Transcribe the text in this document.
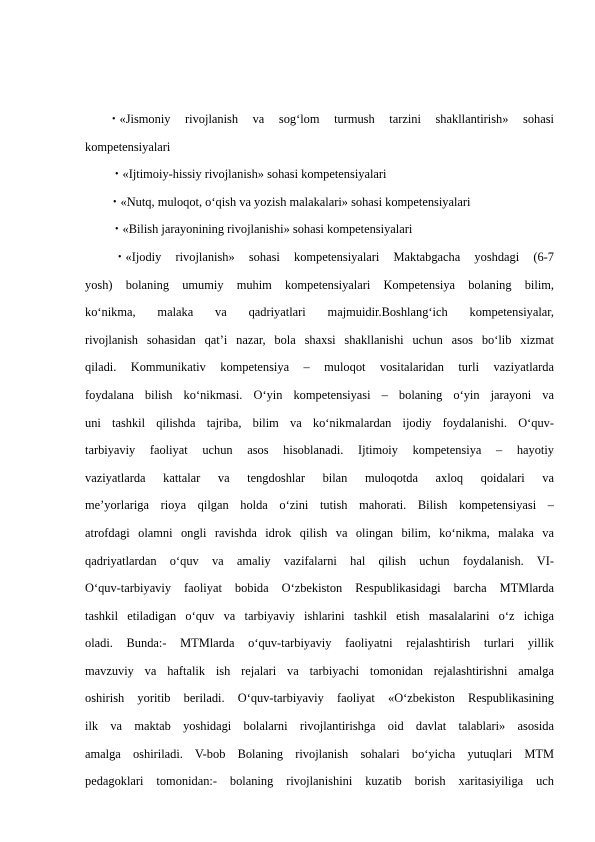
• «Jismoniy rivojlanish va sog‘lom turmush tarzini shakllantirish» sohasi
kompetensiyalari
• «Ijtimoiy-hissiy rivojlanish» sohasi kompetensiyalari
• «Nutq, muloqot, o‘qish va yozish malakalari» sohasi kompetensiyalari
• «Bilish jarayonining rivojlanishi» sohasi kompetensiyalari
• «Ijodiy rivojlanish» sohasi kompetensiyalari Maktabgacha yoshdagi (6-7
yosh) bolaning umumiy muhim kompetensiyalari Kompetensiya bolaning bilim,
ko‘nikma, malaka va qadriyatlari majmuidir.Boshlang‘ich kompetensiyalar,
rivojlanish sohasidan qat’i nazar, bola shaxsi shakllanishi uchun asos bo‘lib xizmat
qiladi. Kommunikativ kompetensiya – muloqot vositalaridan turli vaziyatlarda
foydalana bilish ko‘nikmasi. O‘yin kompetensiyasi – bolaning o‘yin jarayoni va
uni tashkil qilishda tajriba, bilim va ko‘nikmalardan ijodiy foydalanishi. O‘quv-
tarbiyaviy faoliyat uchun asos hisoblanadi. Ijtimoiy kompetensiya – hayotiy
vaziyatlarda kattalar va tengdoshlar bilan muloqotda axloq qoidalari va
me’yorlariga rioya qilgan holda o‘zini tutish mahorati. Bilish kompetensiyasi –
atrofdagi olamni ongli ravishda idrok qilish va olingan bilim, ko‘nikma, malaka va
qadriyatlardan o‘quv va amaliy vazifalarni hal qilish uchun foydalanish. VI-
O‘quv-tarbiyaviy faoliyat bobida O‘zbekiston Respublikasidagi barcha MTMlarda
tashkil etiladigan o‘quv va tarbiyaviy ishlarini tashkil etish masalalarini o‘z ichiga
oladi. Bunda:- MTMlarda o‘quv-tarbiyaviy faoliyatni rejalashtirish turlari yillik
mavzuviy va haftalik ish rejalari va tarbiyachi tomonidan rejalashtirishni amalga
oshirish yoritib beriladi. O‘quv-tarbiyaviy faoliyat «O‘zbekiston Respublikasining
ilk va maktab yoshidagi bolalarni rivojlantirishga oid davlat talablari» asosida
amalga oshiriladi. V-bob Bolaning rivojlanish sohalari bo‘yicha yutuqlari MTM
pedagoklari tomonidan:- bolaning rivojlanishini kuzatib borish xaritasiyiliga uch
